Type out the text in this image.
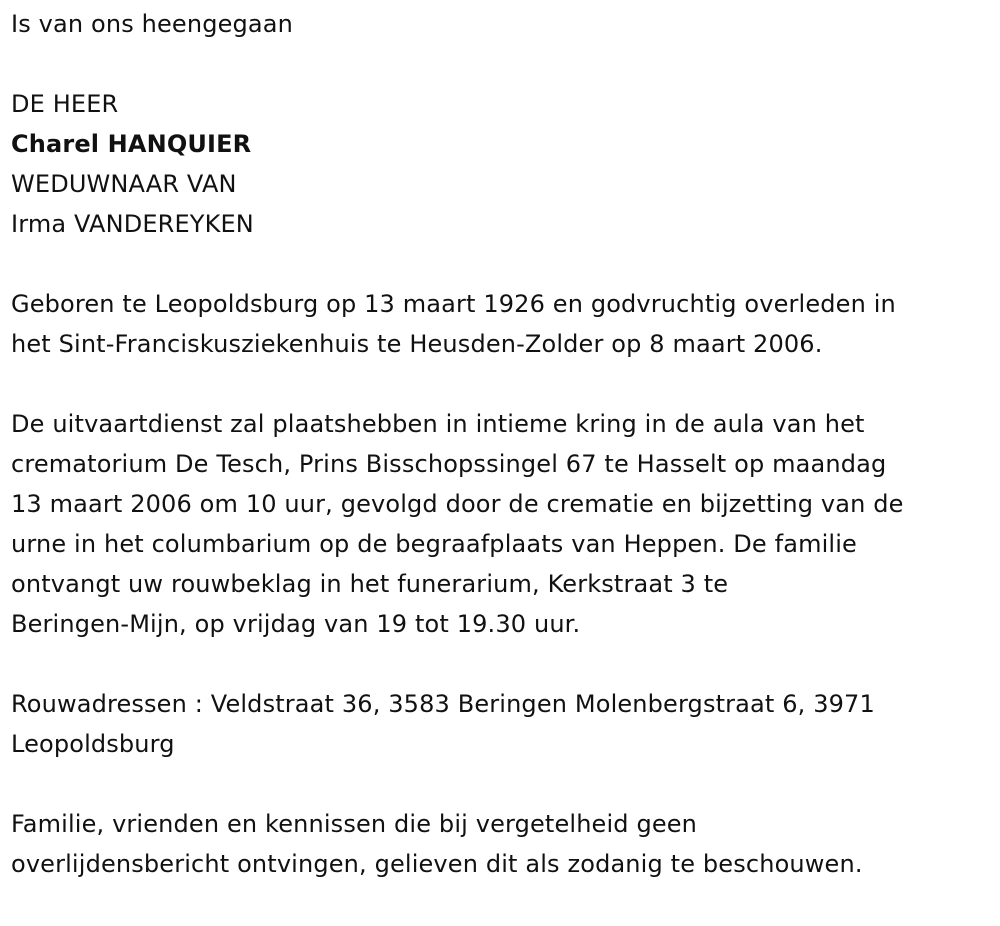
Is van ons heengegaan
DE HEER
Charel HANQUIER
WEDUWNAAR VAN
Irma VANDEREYKEN
Geboren te Leopoldsburg op 13 maart 1926 en godvruchtig overleden in
het Sint-Franciskusziekenhuis te Heusden-Zolder op 8 maart 2006.
De uitvaartdienst zal plaatshebben in intieme kring in de aula van het
crematorium De Tesch, Prins Bisschopssingel 67 te Hasselt op maandag
13 maart 2006 om 10 uur, gevolgd door de crematie en bijzetting van de
urne in het columbarium op de begraafplaats van Heppen. De familie
ontvangt uw rouwbeklag in het funerarium, Kerkstraat 3 te
Beringen-Mijn, op vrijdag van 19 tot 19.30 uur.
Rouwadressen : Veldstraat 36, 3583 Beringen Molenbergstraat 6, 3971
Leopoldsburg
Familie, vrienden en kennissen die bij vergetelheid geen
overlijdensbericht ontvingen, gelieven dit als zodanig te beschouwen.
